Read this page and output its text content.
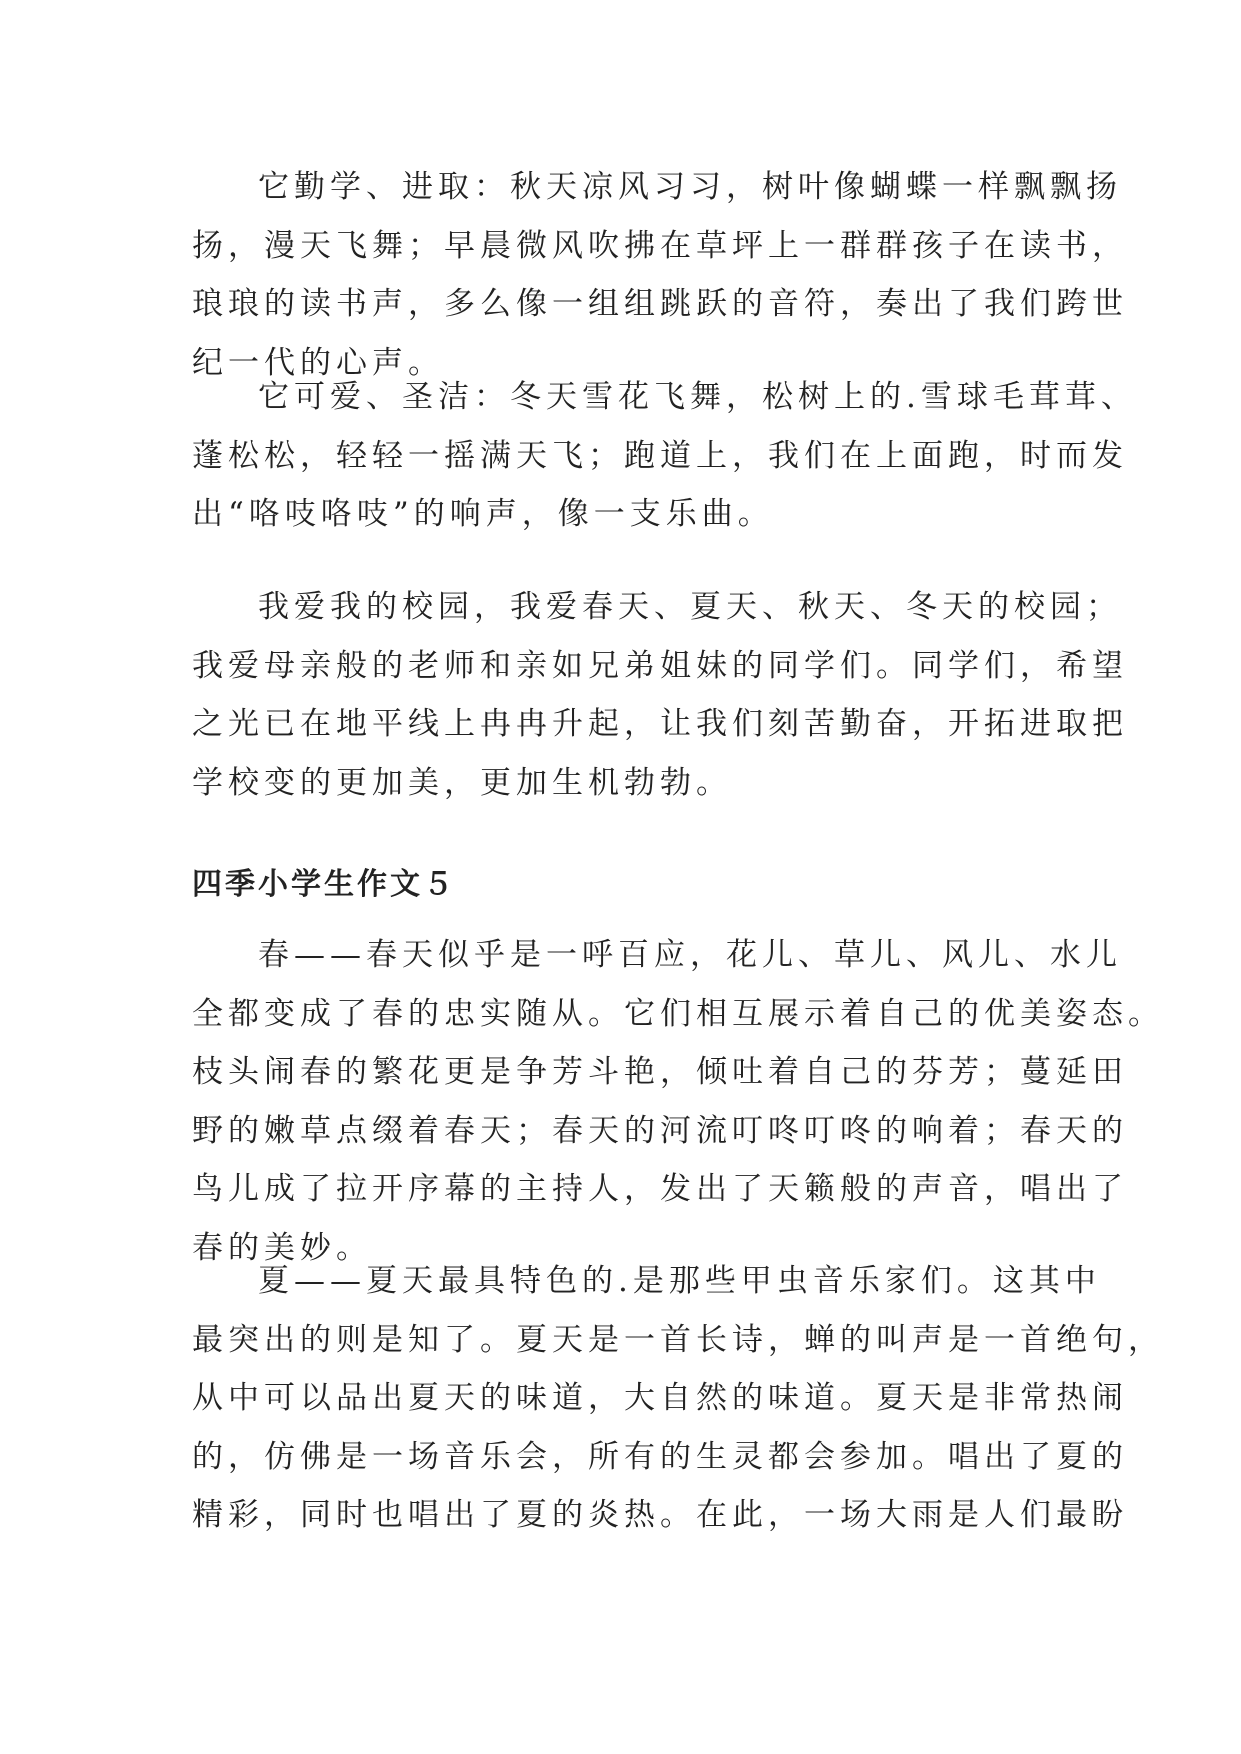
它勤学、进取：秋天凉风习习，树叶像蝴蝶一样飘飘扬

扬，漫天飞舞；早晨微风吹拂在草坪上一群群孩子在读书，

琅琅的读书声，多么像一组组跳跃的音符，奏出了我们跨世

纪一代的心声。

它可爱、圣洁：冬天雪花飞舞，松树上的.雪球毛茸茸、

蓬松松，轻轻一摇满天飞；跑道上，我们在上面跑，时而发

出“咯吱咯吱”的响声，像一支乐曲。

我爱我的校园，我爱春天、夏天、秋天、冬天的校园；

我爱母亲般的老师和亲如兄弟姐妹的同学们。同学们，希望

之光已在地平线上冉冉升起，让我们刻苦勤奋，开拓进取把

学校变的更加美，更加生机勃勃。

四季小学生作文５

春——春天似乎是一呼百应，花儿、草儿、风儿、水儿

全都变成了春的忠实随从。它们相互展示着自己的优美姿态。

枝头闹春的繁花更是争芳斗艳，倾吐着自己的芬芳；蔓延田

野的嫩草点缀着春天；春天的河流叮咚叮咚的响着；春天的

鸟儿成了拉开序幕的主持人，发出了天籁般的声音，唱出了

春的美妙。

夏——夏天最具特色的.是那些甲虫音乐家们。这其中

最突出的则是知了。夏天是一首长诗，蝉的叫声是一首绝句，

从中可以品出夏天的味道，大自然的味道。夏天是非常热闹

的，仿佛是一场音乐会，所有的生灵都会参加。唱出了夏的

精彩，同时也唱出了夏的炎热。在此，一场大雨是人们最盼
